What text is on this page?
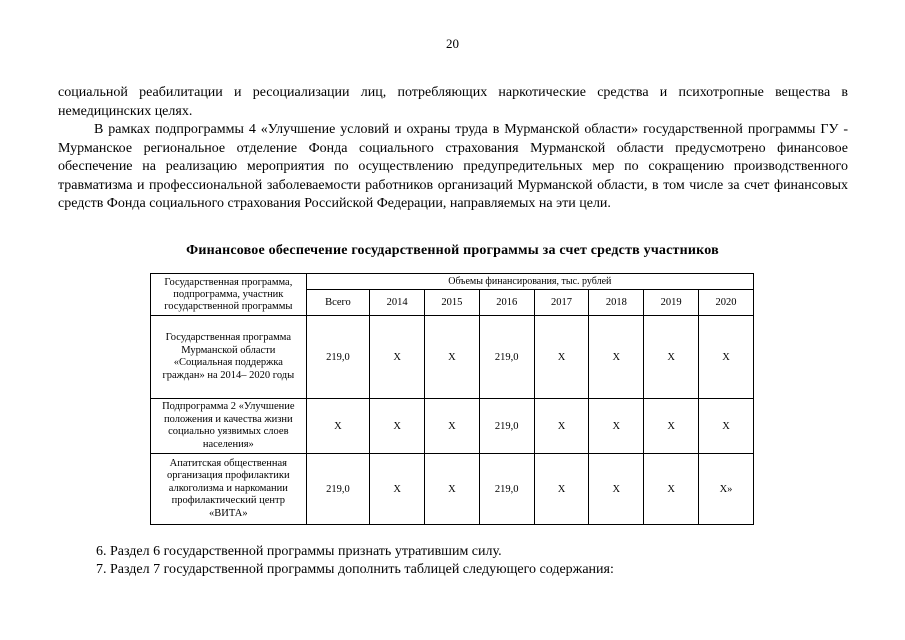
20

социальной реабилитации и ресоциализации лиц, потребляющих наркотические средства и психотропные вещества в немедицинских целях.

В рамках подпрограммы 4 «Улучшение условий и охраны труда в Мурманской области» государственной программы ГУ - Мурманское региональное отделение Фонда социального страхования Мурманской области предусмотрено финансовое обеспечение на реализацию мероприятия по осуществлению предупредительных мер по сокращению производственного травматизма и профессиональной заболеваемости работников организаций Мурманской области, в том числе за счет финансовых средств Фонда социального страхования Российской Федерации, направляемых на эти цели.

Финансовое обеспечение государственной программы за счет средств участников
Государственная программа, подпрограмма, участник государственной программы	Объемы финансирования, тыс. рублей							
	Всего	2014	2015	2016	2017	2018	2019	2020
Государственная программа Мурманской области «Социальная поддержка граждан» на 2014– 2020 годы	219,0	Х	Х	219,0	Х	Х	Х	Х
Подпрограмма 2 «Улучшение положения и качества жизни социально уязвимых слоев населения»	Х	Х	Х	219,0	Х	Х	Х	Х
Апатитская общественная организация профилактики алкоголизма и наркомании профилактический центр «ВИТА»	219,0	Х	Х	219,0	Х	Х	Х	Х»

6. Раздел 6 государственной программы признать утратившим силу.

7. Раздел 7 государственной программы дополнить таблицей следующего содержания:
